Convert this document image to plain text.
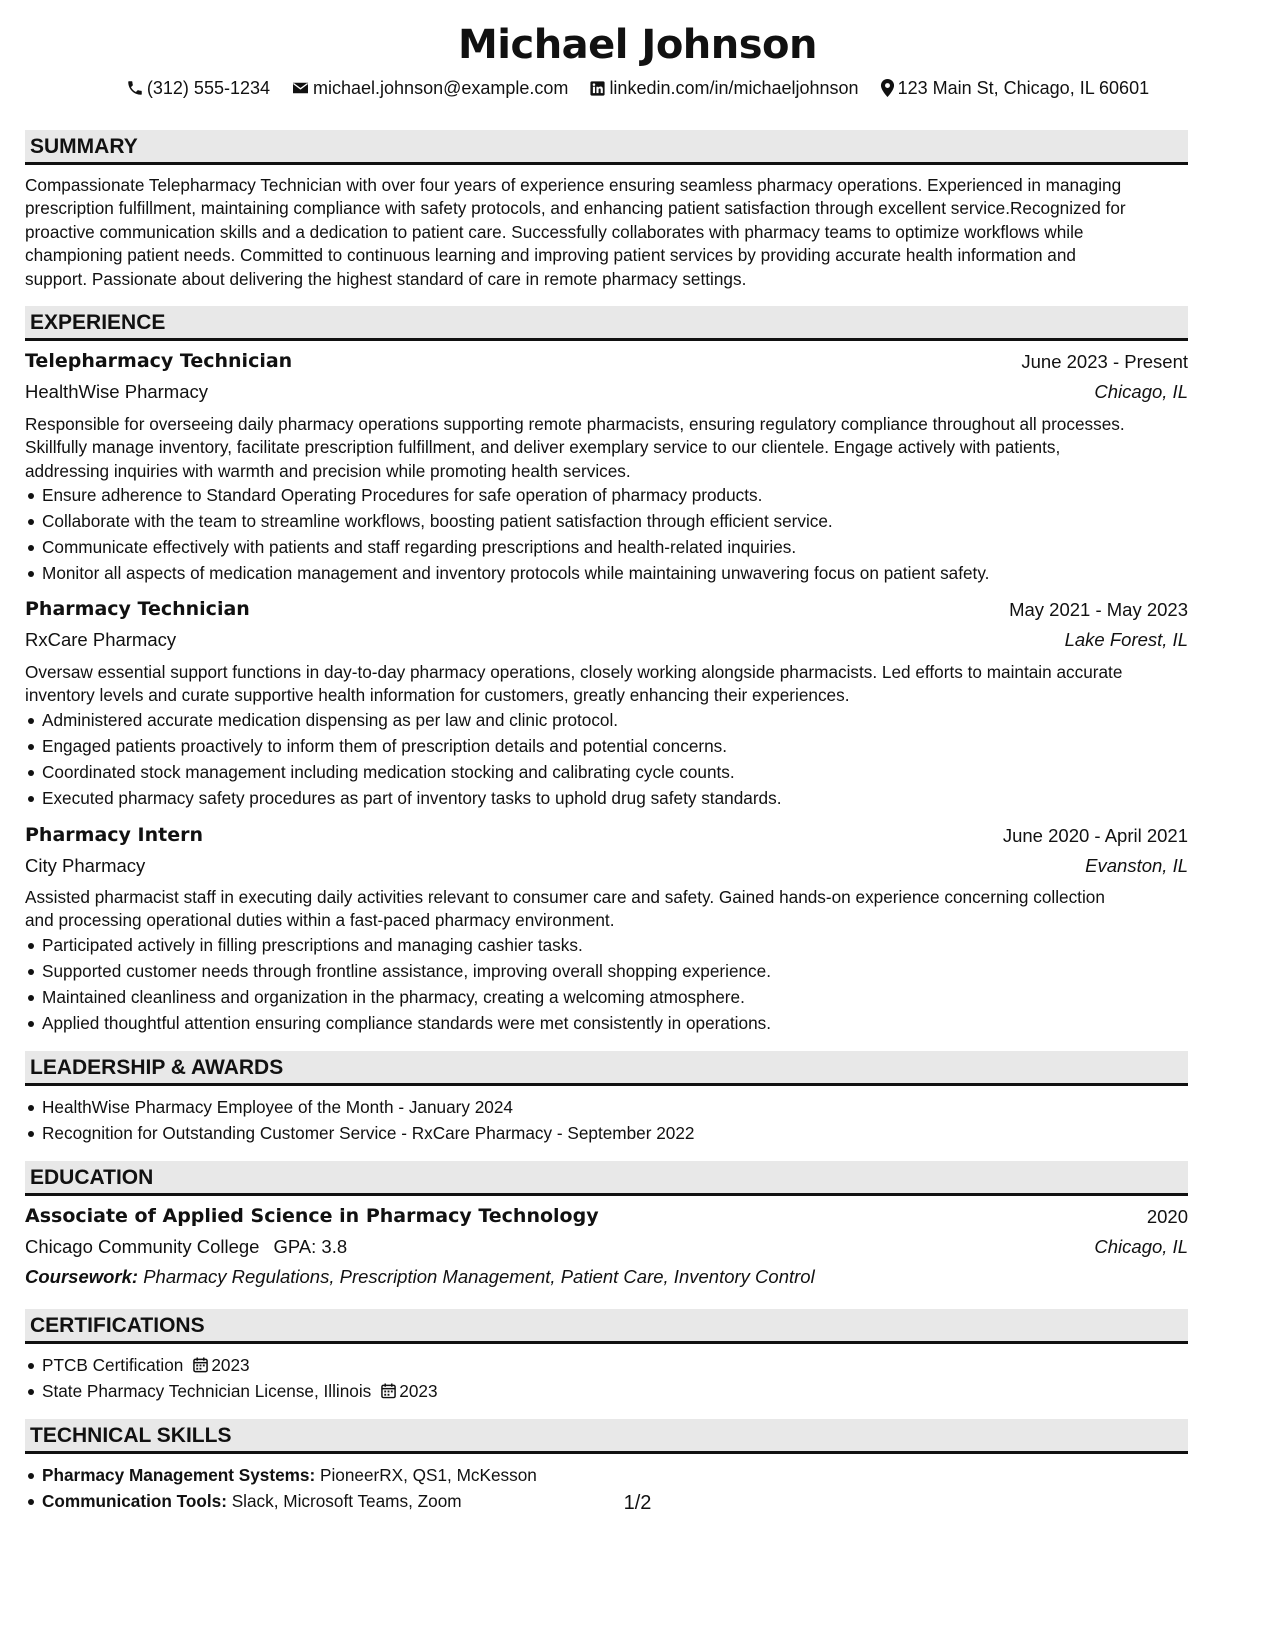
Michael Johnson
(312) 555-1234 michael.johnson@example.com linkedin.com/in/michaeljohnson 123 Main St, Chicago, IL 60601
SUMMARY
Compassionate Telepharmacy Technician with over four years of experience ensuring seamless pharmacy operations. Experienced in managing
prescription fulfillment, maintaining compliance with safety protocols, and enhancing patient satisfaction through excellent service.Recognized for
proactive communication skills and a dedication to patient care. Successfully collaborates with pharmacy teams to optimize workflows while
championing patient needs. Committed to continuous learning and improving patient services by providing accurate health information and
support. Passionate about delivering the highest standard of care in remote pharmacy settings.
EXPERIENCE
Telepharmacy Technician	June 2023 - Present
HealthWise Pharmacy	Chicago, IL
Responsible for overseeing daily pharmacy operations supporting remote pharmacists, ensuring regulatory compliance throughout all processes.
Skillfully manage inventory, facilitate prescription fulfillment, and deliver exemplary service to our clientele. Engage actively with patients,
addressing inquiries with warmth and precision while promoting health services.
Ensure adherence to Standard Operating Procedures for safe operation of pharmacy products.
Collaborate with the team to streamline workflows, boosting patient satisfaction through efficient service.
Communicate effectively with patients and staff regarding prescriptions and health-related inquiries.
Monitor all aspects of medication management and inventory protocols while maintaining unwavering focus on patient safety.
Pharmacy Technician	May 2021 - May 2023
RxCare Pharmacy	Lake Forest, IL
Oversaw essential support functions in day-to-day pharmacy operations, closely working alongside pharmacists. Led efforts to maintain accurate
inventory levels and curate supportive health information for customers, greatly enhancing their experiences.
Administered accurate medication dispensing as per law and clinic protocol.
Engaged patients proactively to inform them of prescription details and potential concerns.
Coordinated stock management including medication stocking and calibrating cycle counts.
Executed pharmacy safety procedures as part of inventory tasks to uphold drug safety standards.
Pharmacy Intern	June 2020 - April 2021
City Pharmacy	Evanston, IL
Assisted pharmacist staff in executing daily activities relevant to consumer care and safety. Gained hands-on experience concerning collection
and processing operational duties within a fast-paced pharmacy environment.
Participated actively in filling prescriptions and managing cashier tasks.
Supported customer needs through frontline assistance, improving overall shopping experience.
Maintained cleanliness and organization in the pharmacy, creating a welcoming atmosphere.
Applied thoughtful attention ensuring compliance standards were met consistently in operations.
LEADERSHIP & AWARDS
HealthWise Pharmacy Employee of the Month - January 2024
Recognition for Outstanding Customer Service - RxCare Pharmacy - September 2022
EDUCATION
Associate of Applied Science in Pharmacy Technology	2020
Chicago Community College GPA: 3.8	Chicago, IL
Coursework: Pharmacy Regulations, Prescription Management, Patient Care, Inventory Control
CERTIFICATIONS
PTCB Certification 2023
State Pharmacy Technician License, Illinois 2023
TECHNICAL SKILLS
Pharmacy Management Systems: PioneerRX, QS1, McKesson
Communication Tools: Slack, Microsoft Teams, Zoom	1/2
